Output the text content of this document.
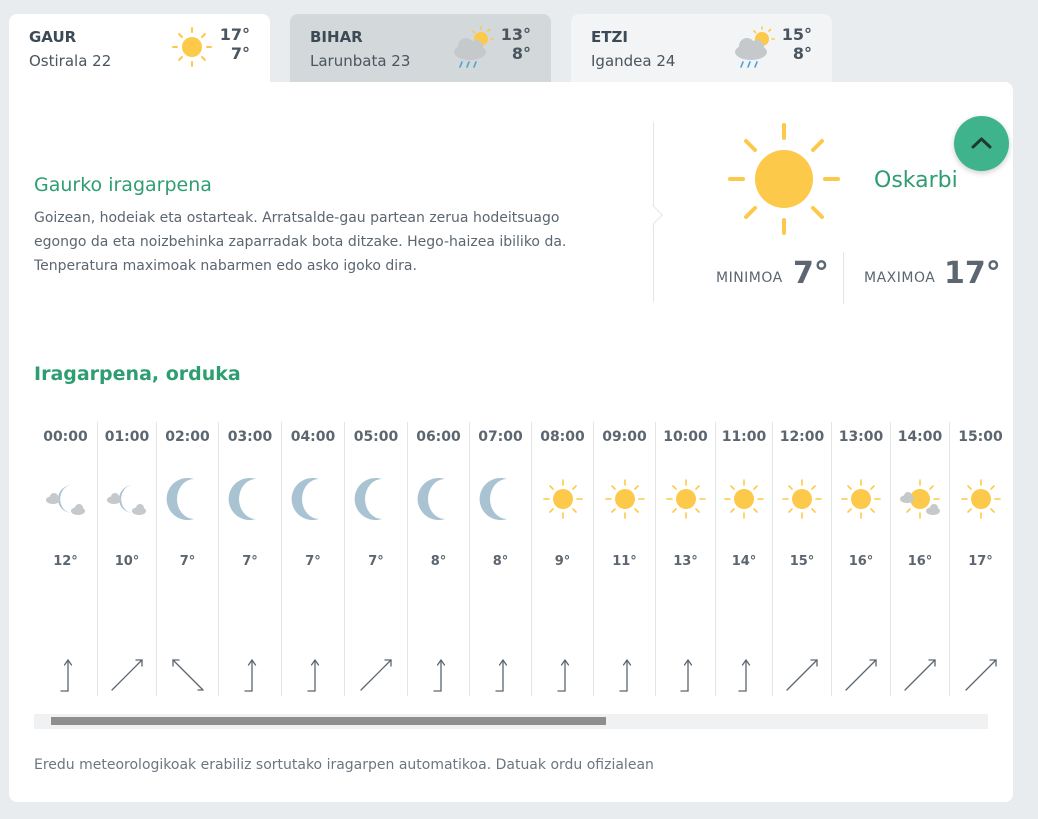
GAUR
Ostirala 22
17°
7°
BIHAR
Larunbata 23
13°
8°
ETZI
Igandea 24
15°
8°
Gaurko iragarpena

Goizean, hodeiak eta ostarteak. Arratsalde-gau partean zerua hodeitsuago egongo da eta noizbehinka zaparradak bota ditzake. Hego-haizea ibiliko da. Tenperatura maximoak nabarmen edo asko igoko dira.

Oskarbi
MINIMOA 7°	MAXIMOA 17°
Iragarpena, orduka
00:00
12°
01:00
10°
02:00
7°
03:00
7°
04:00
7°
05:00
7°
06:00
8°
07:00
8°
08:00
9°
09:00
11°
10:00
13°
11:00
14°
12:00
15°
13:00
16°
14:00
16°
15:00
17°

Eredu meteorologikoak erabiliz sortutako iragarpen automatikoa. Datuak ordu ofizialean
